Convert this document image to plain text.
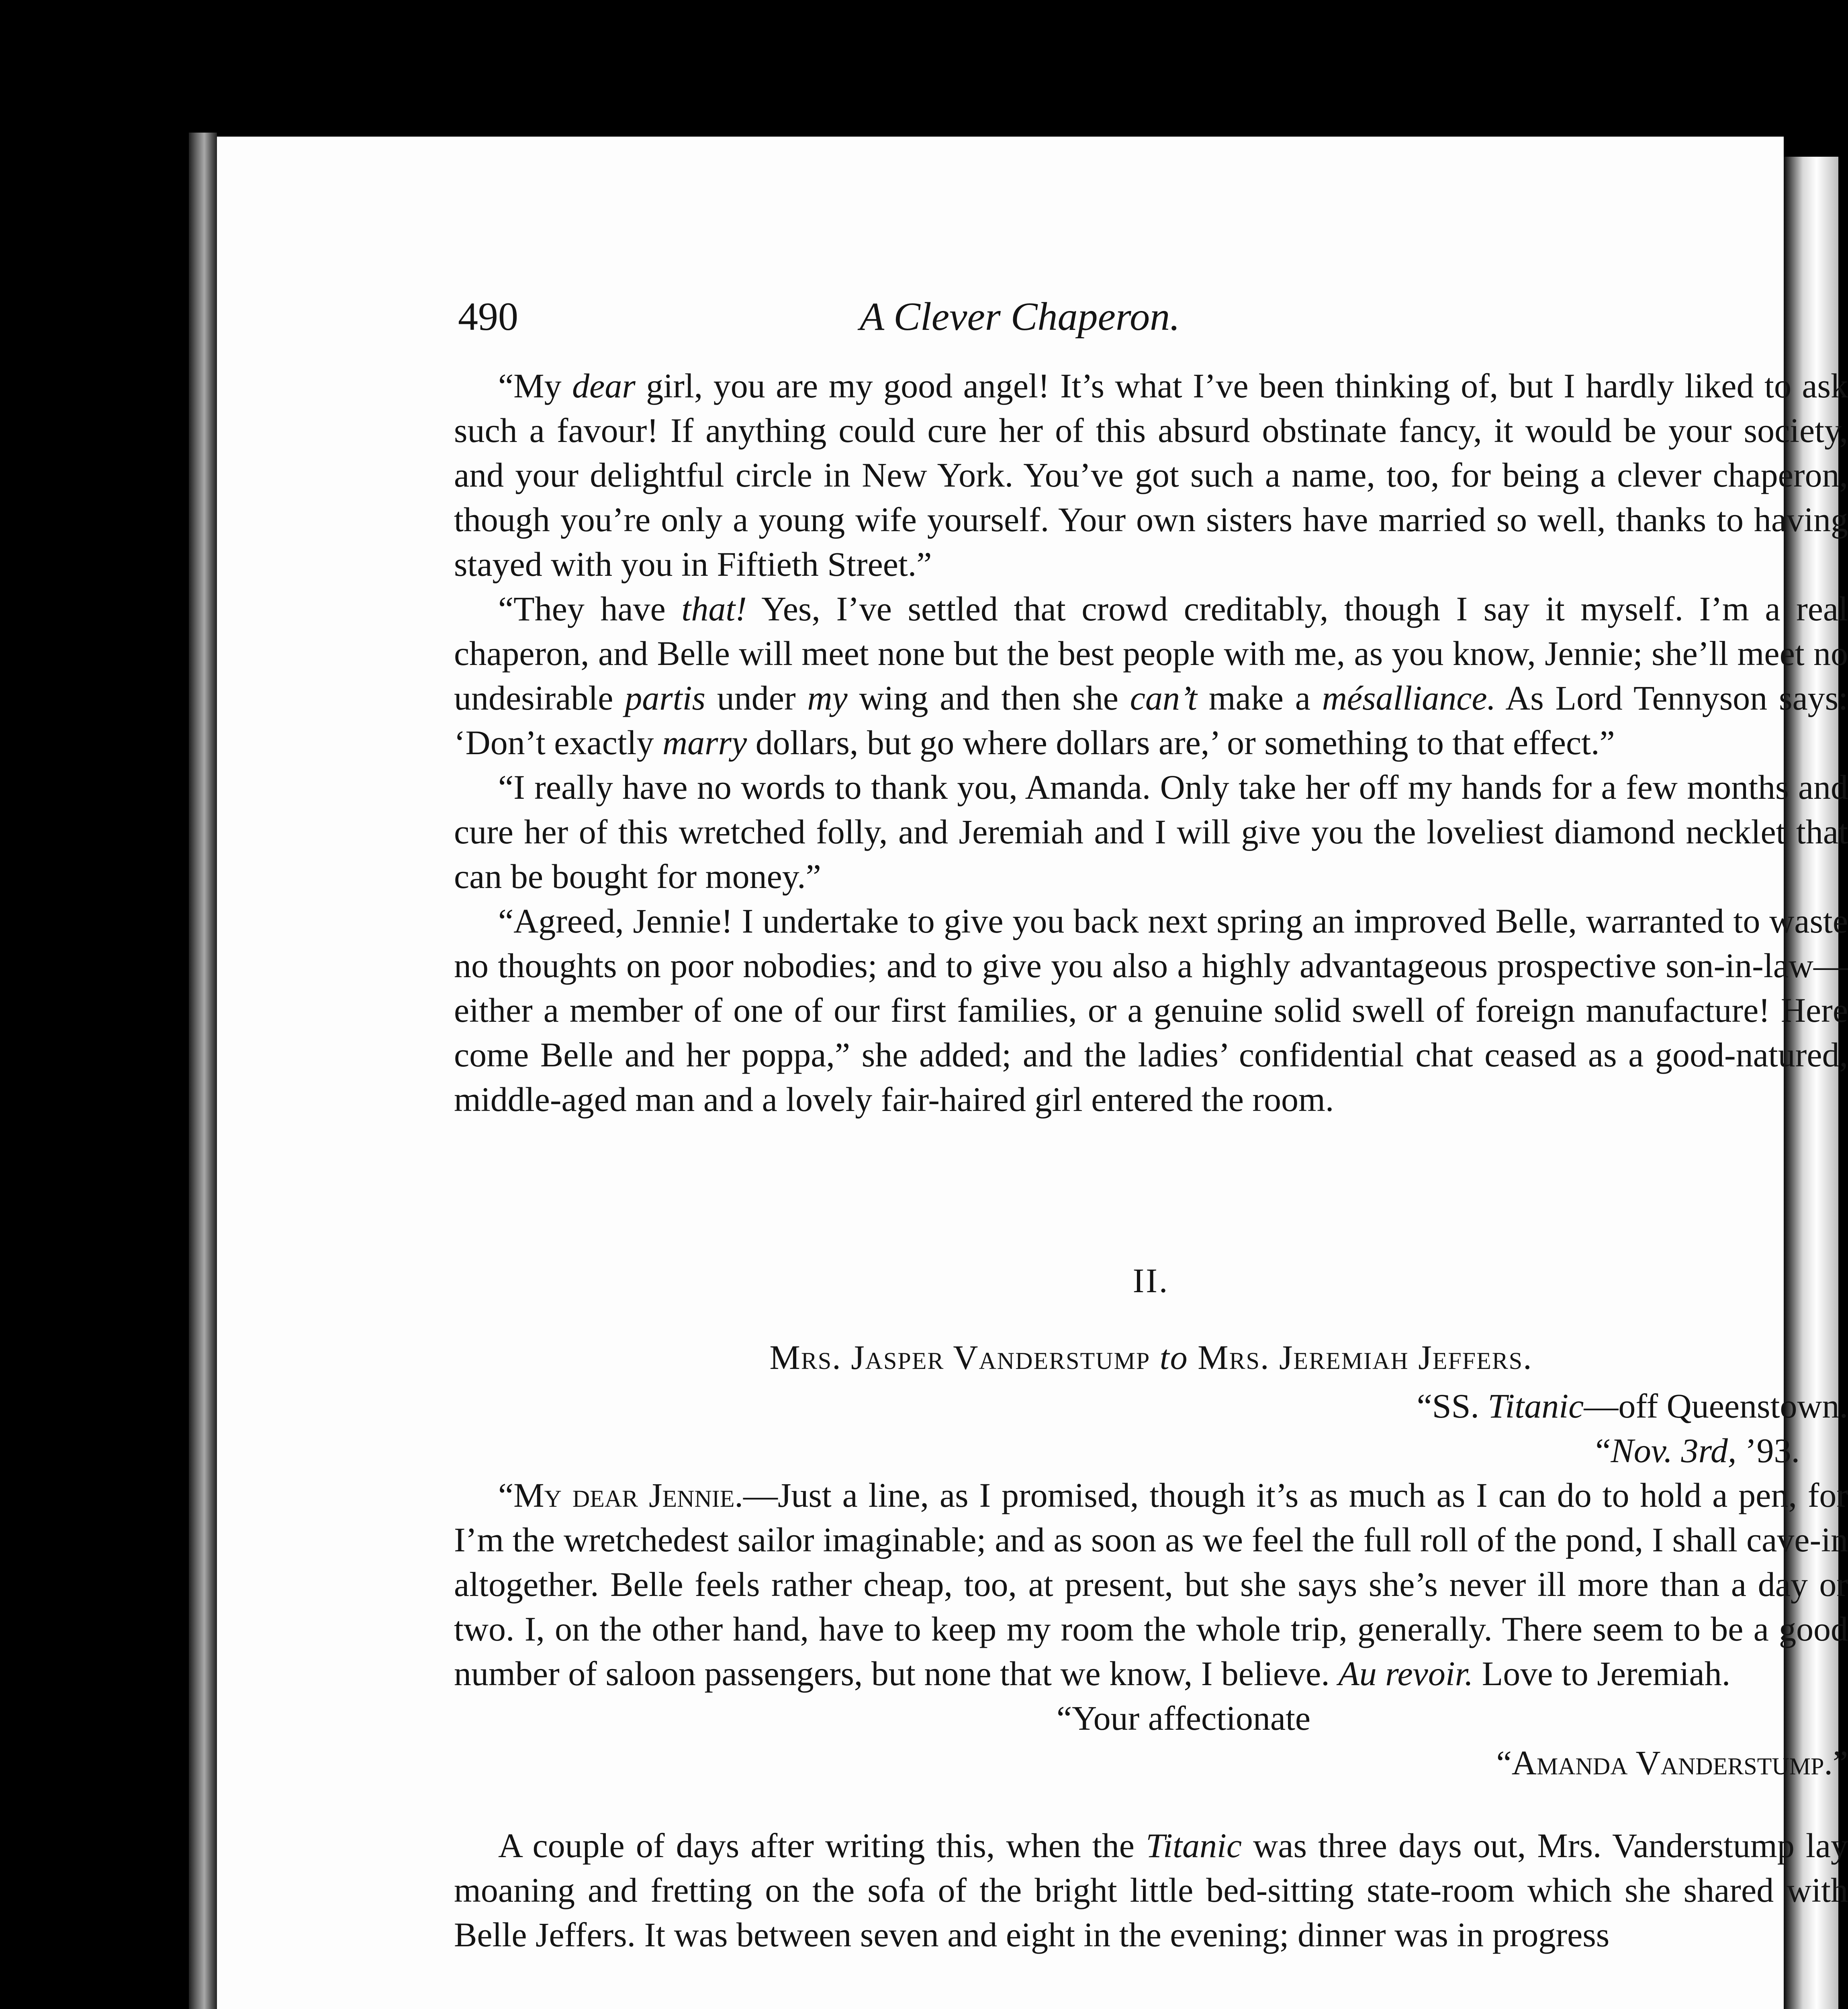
490	A Clever Chaperon.

“My dear girl, you are my good angel! It’s what I’ve been thinking of, but I hardly liked to ask such a favour! If anything could cure her of this absurd obstinate fancy, it would be your society, and your delightful circle in New York. You’ve got such a name, too, for being a clever chaperon, though you’re only a young wife yourself. Your own sisters have married so well, thanks to having stayed with you in Fiftieth Street.”

“They have that! Yes, I’ve settled that crowd creditably, though I say it myself. I’m a real chaperon, and Belle will meet none but the best people with me, as you know, Jennie; she’ll meet no undesirable partis under my wing and then she can’t make a mésalliance. As Lord Tennyson says: ‘Don’t exactly marry dollars, but go where dollars are,’ or something to that effect.”

“I really have no words to thank you, Amanda. Only take her off my hands for a few months and cure her of this wretched folly, and Jeremiah and I will give you the loveliest diamond necklet that can be bought for money.”

“Agreed, Jennie! I undertake to give you back next spring an improved Belle, warranted to waste no thoughts on poor nobodies; and to give you also a highly advantageous prospective son-in-law—either a member of one of our first families, or a genuine solid swell of foreign manufacture! Here come Belle and her poppa,” she added; and the ladies’ confidential chat ceased as a good-natured, middle-aged man and a lovely fair-haired girl entered the room.

II.

Mrs. Jasper Vanderstump to Mrs. Jeremiah Jeffers.

“SS. Titanic—off Queenstown.

“Nov. 3rd, ’93.

“My dear Jennie.—Just a line, as I promised, though it’s as much as I can do to hold a pen, for I’m the wretchedest sailor imaginable; and as soon as we feel the full roll of the pond, I shall cave-in altogether. Belle feels rather cheap, too, at present, but she says she’s never ill more than a day or two. I, on the other hand, have to keep my room the whole trip, generally. There seem to be a good number of saloon passengers, but none that we know, I believe. Au revoir. Love to Jeremiah.

“Your affectionate

“Amanda Vanderstump.”

A couple of days after writing this, when the Titanic was three days out, Mrs. Vanderstump lay moaning and fretting on the sofa of the bright little bed-sitting state-room which she shared with Belle Jeffers. It was between seven and eight in the evening; dinner was in progress
